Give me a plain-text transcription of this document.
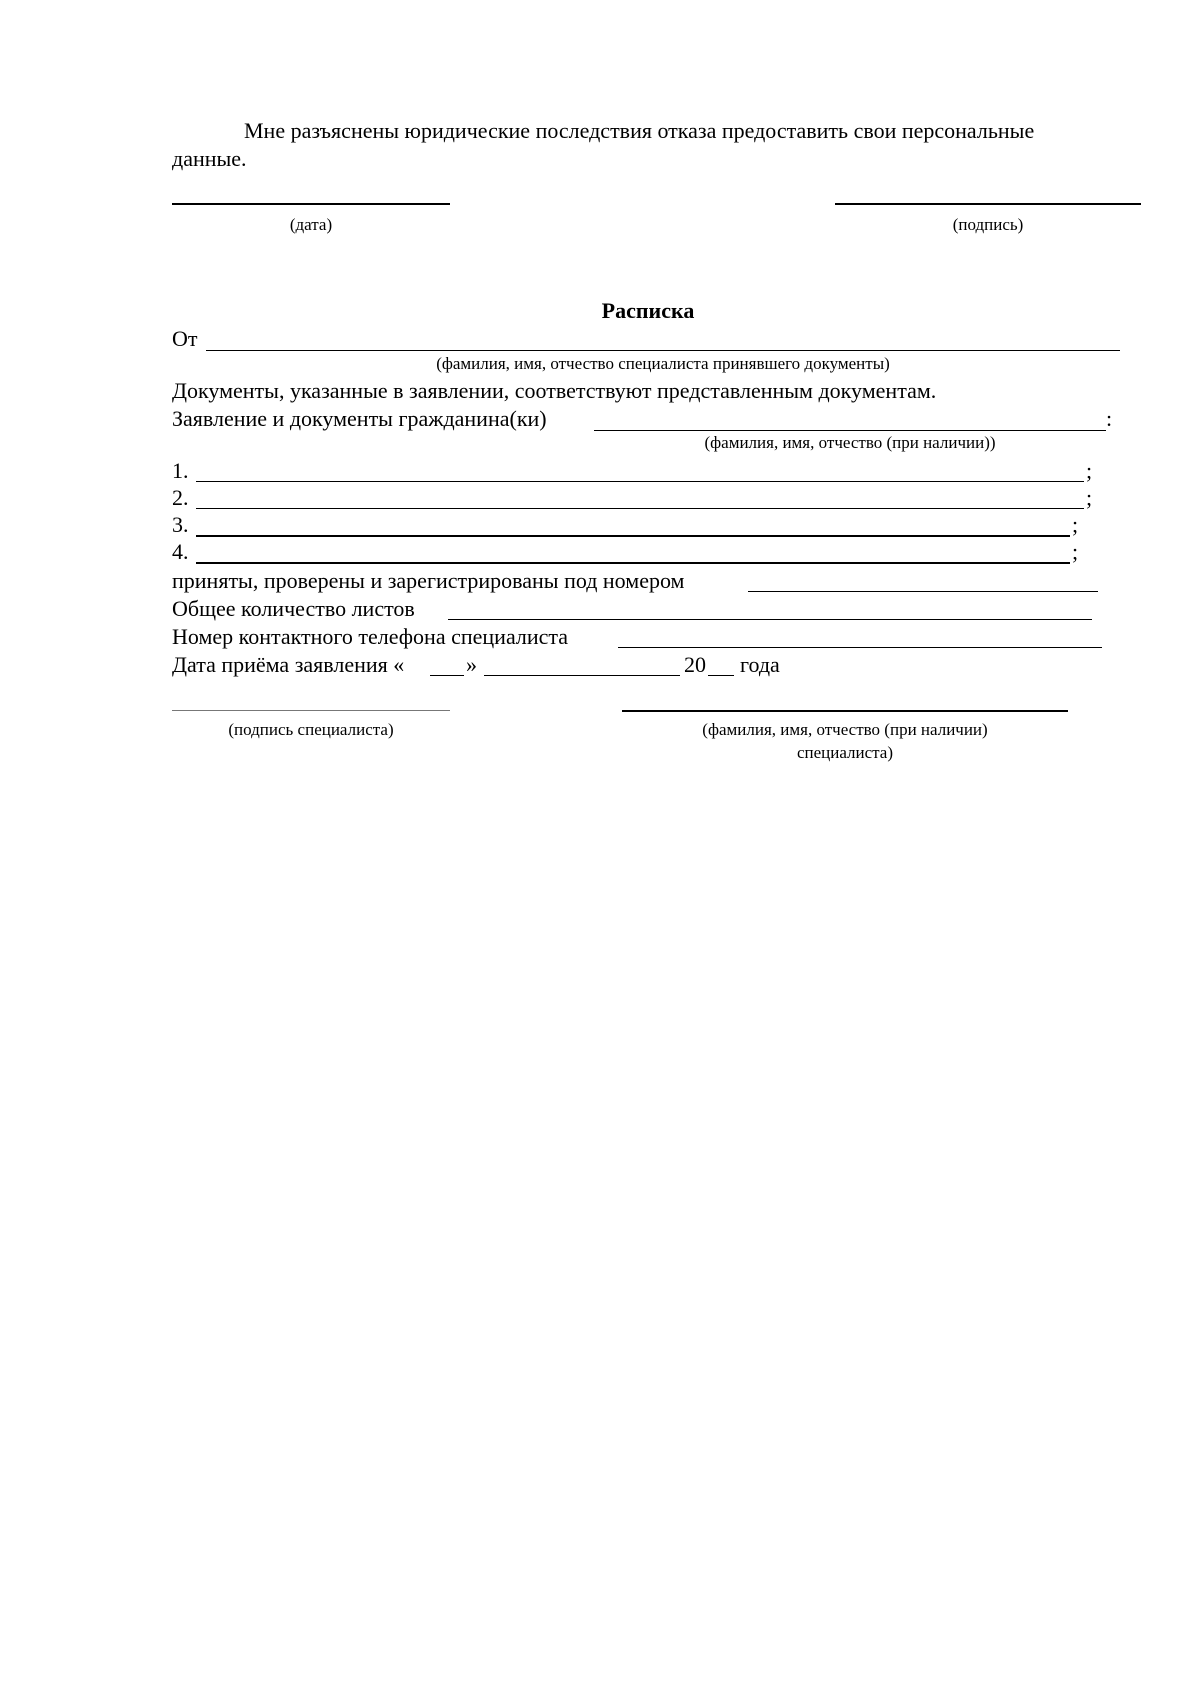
Мне разъяснены юридические последствия отказа предоставить свои персональные
данные.
(дата)	(подпись)
Расписка
От
(фамилия, имя, отчество специалиста принявшего документы)
Документы, указанные в заявлении, соответствуют представленным документам.
Заявление и документы гражданина(ки)	:
(фамилия, имя, отчество (при наличии))
1.	;
2.	;
3.	;
4.	;
приняты, проверены и зарегистрированы под номером
Общее количество листов
Номер контактного телефона специалиста
Дата приёма заявления «	»	20 года
(подпись специалиста)	(фамилия, имя, отчество (при наличии)
специалиста)
